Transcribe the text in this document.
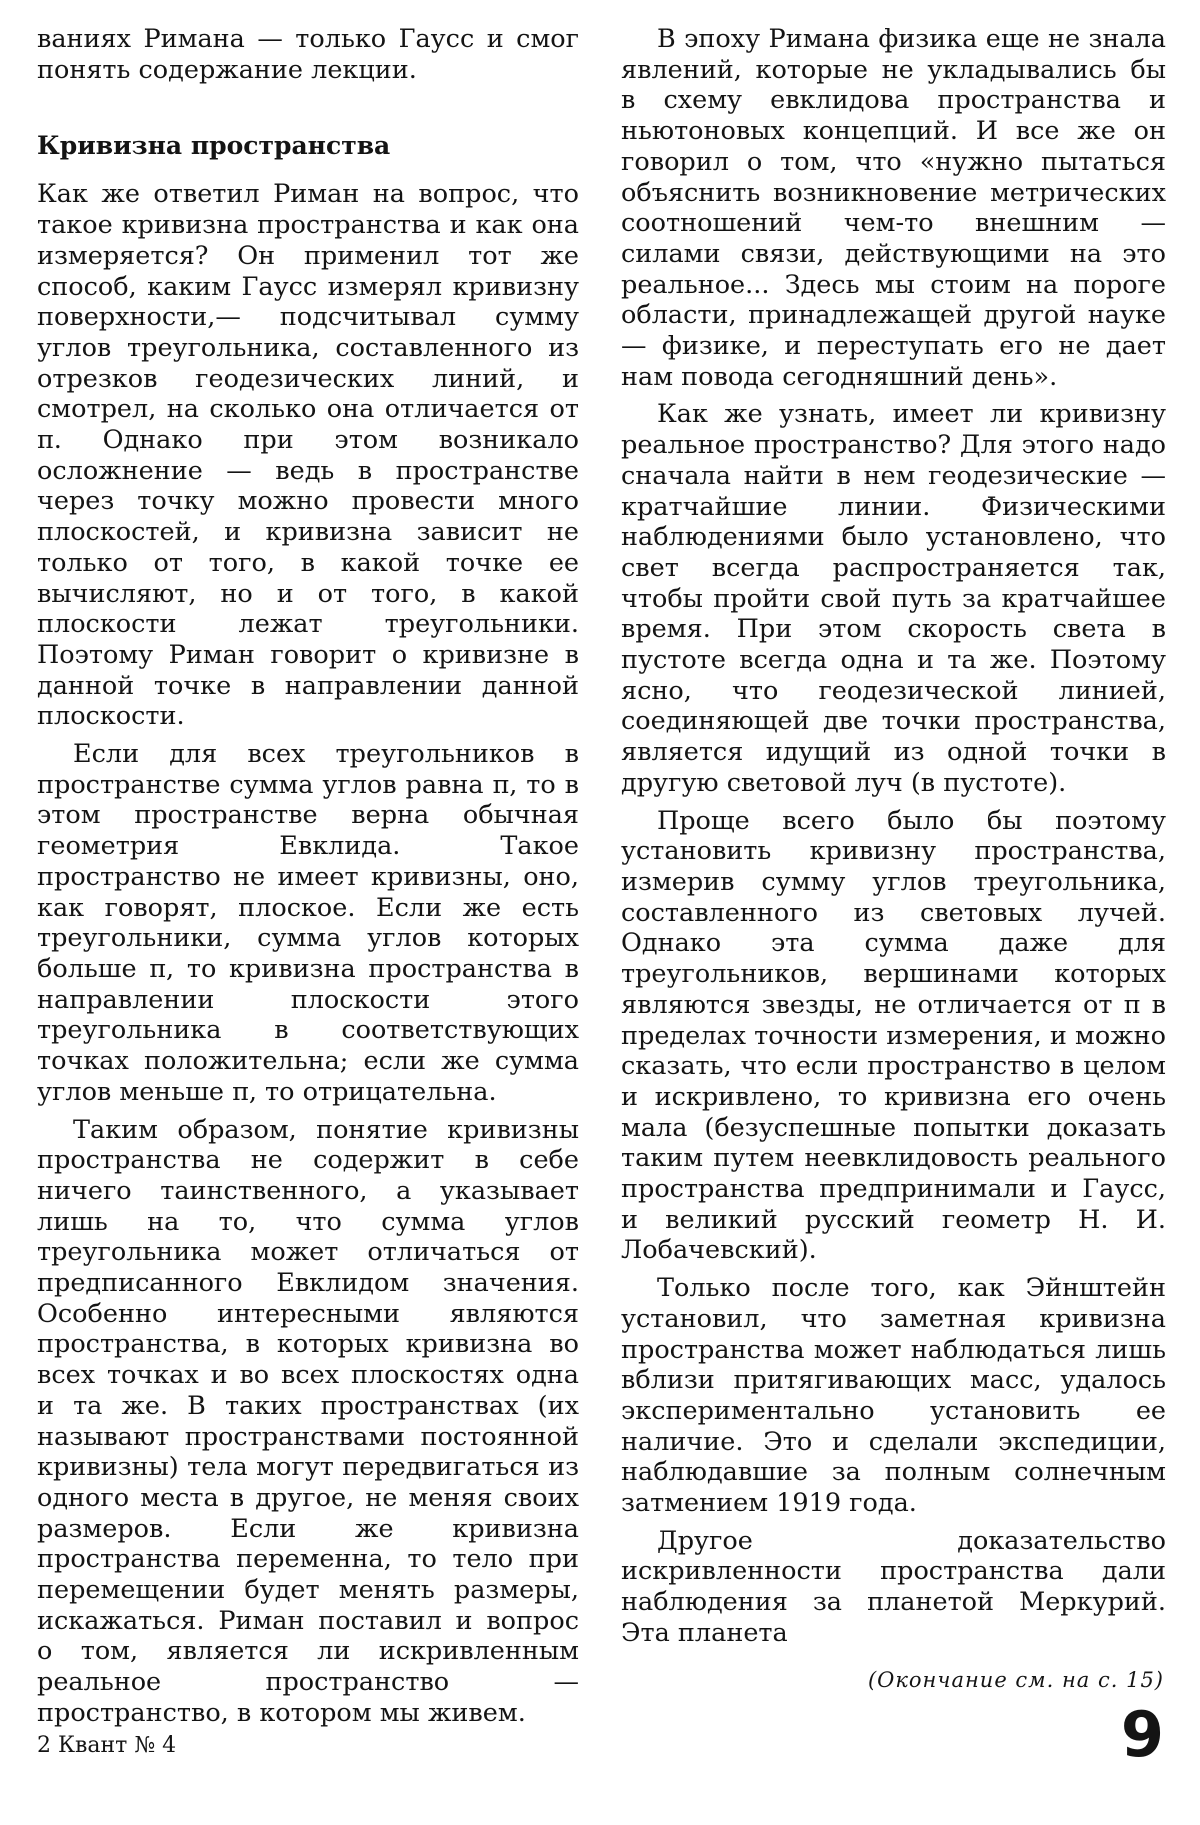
ваниях Римана — только Гаусс и смог понять содержание лекции.

Кривизна пространства

Как же ответил Риман на вопрос, что такое кривизна пространства и как она измеряется? Он применил тот же способ, каким Гаусс измерял кривизну поверхности,— подсчитывал сумму углов треугольника, составленного из отрезков геодезических линий, и смотрел, на сколько она отличается от π. Однако при этом возникало осложнение — ведь в пространстве через точку можно провести много плоскостей, и кривизна зависит не только от того, в какой точке ее вычисляют, но и от того, в какой плоскости лежат треугольники. Поэтому Риман говорит о кривизне в данной точке в направлении данной плоскости.

Если для всех треугольников в пространстве сумма углов равна π, то в этом пространстве верна обычная геометрия Евклида. Такое пространство не имеет кривизны, оно, как говорят, плоское. Если же есть треугольники, сумма углов которых больше π, то кривизна пространства в направлении плоскости этого треугольника в соответствующих точках положительна; если же сумма углов меньше π, то отрицательна.

Таким образом, понятие кривизны пространства не содержит в себе ничего таинственного, а указывает лишь на то, что сумма углов треугольника может отличаться от предписанного Евклидом значения. Особенно интересными являются пространства, в которых кривизна во всех точках и во всех плоскостях одна и та же. В таких пространствах (их называют пространствами постоянной кривизны) тела могут передвигаться из одного места в другое, не меняя своих размеров. Если же кривизна пространства переменна, то тело при перемещении будет менять размеры, искажаться. Риман поставил и вопрос о том, является ли искривленным реальное пространство — пространство, в котором мы живем.

В эпоху Римана физика еще не знала явлений, которые не укладывались бы в схему евклидова пространства и ньютоновых концепций. И все же он говорил о том, что «нужно пытаться объяснить возникновение метрических соотношений чем-то внешним — силами связи, действующими на это реальное... Здесь мы стоим на пороге области, принадлежащей другой науке — физике, и переступать его не дает нам повода сегодняшний день».

Как же узнать, имеет ли кривизну реальное пространство? Для этого надо сначала найти в нем геодезические — кратчайшие линии. Физическими наблюдениями было установлено, что свет всегда распространяется так, чтобы пройти свой путь за кратчайшее время. При этом скорость света в пустоте всегда одна и та же. Поэтому ясно, что геодезической линией, соединяющей две точки пространства, является идущий из одной точки в другую световой луч (в пустоте).

Проще всего было бы поэтому установить кривизну пространства, измерив сумму углов треугольника, составленного из световых лучей. Однако эта сумма даже для треугольников, вершинами которых являются звезды, не отличается от π в пределах точности измерения, и можно сказать, что если пространство в целом и искривлено, то кривизна его очень мала (безуспешные попытки доказать таким путем неевклидовость реального пространства предпринимали и Гаусс, и великий русский геометр Н. И. Лобачевский).

Только после того, как Эйнштейн установил, что заметная кривизна пространства может наблюдаться лишь вблизи притягивающих масс, удалось экспериментально установить ее наличие. Это и сделали экспедиции, наблюдавшие за полным солнечным затмением 1919 года.

Другое доказательство искривленности пространства дали наблюдения за планетой Меркурий. Эта планета

(Окончание см. на с. 15)
2 Квант № 4	9
